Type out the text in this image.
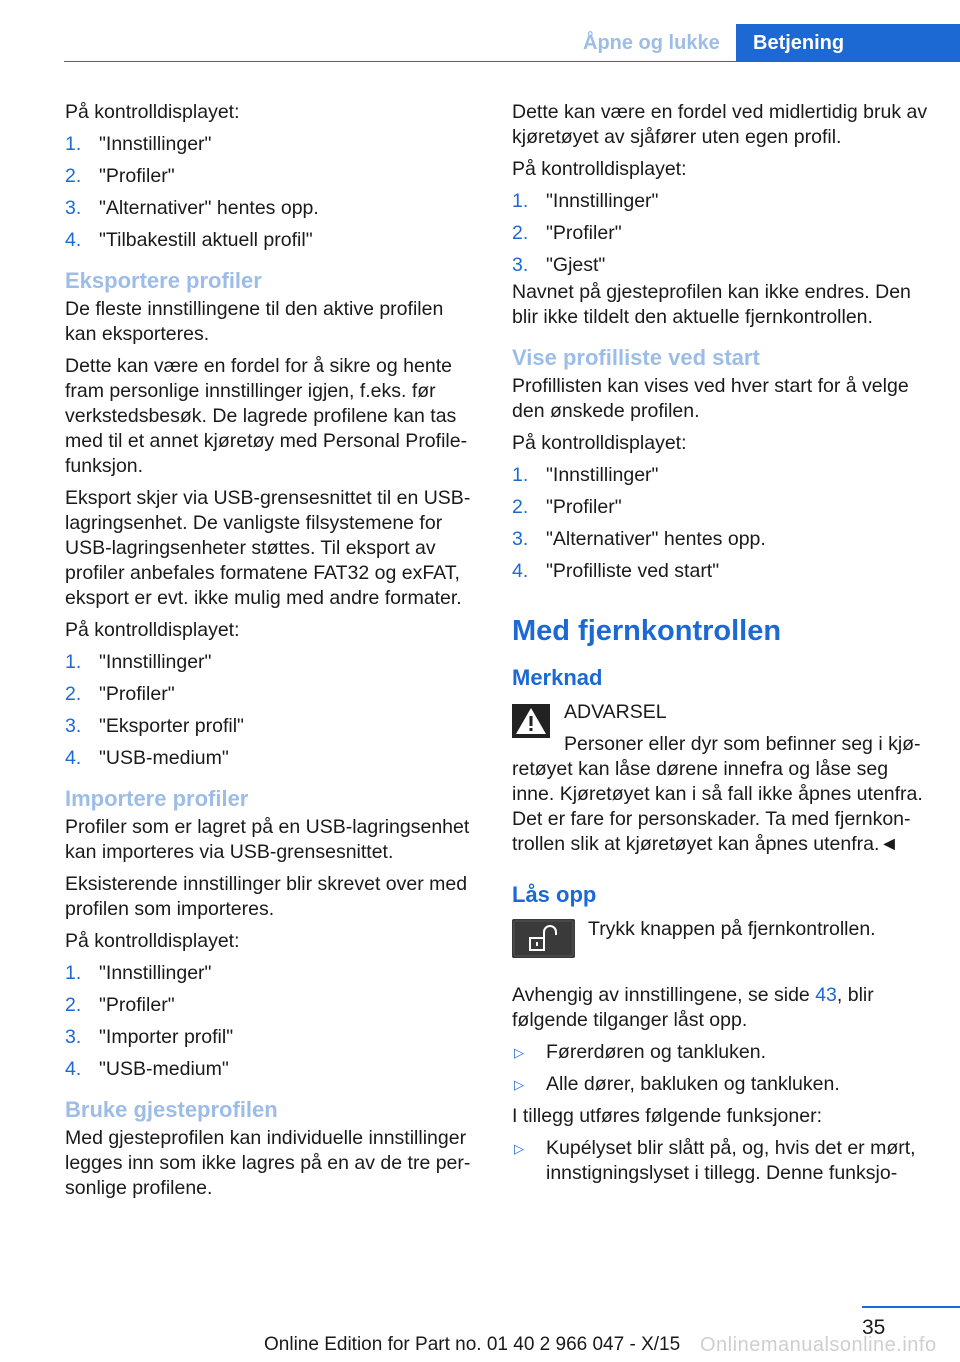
Åpne og lukke	Betjening

På kontrolldisplayet:

1. "Innstillinger"
2. "Profiler"
3. "Alternativer" hentes opp.
4. "Tilbakestill aktuell profil"
Eksportere profiler

De fleste innstillingene til den aktive profilen kan eksporteres.

Dette kan være en fordel for å sikre og hente fram personlige innstillinger igjen, f.eks. før verkstedsbesøk. De lagrede profilene kan tas med til et annet kjøretøy med Personal Profile-funksjon.

Eksport skjer via USB-grensesnittet til en USB-lagringsenhet. De vanligste filsystemene for USB-lagringsenheter støttes. Til eksport av profiler anbefales formatene FAT32 og exFAT, eksport er evt. ikke mulig med andre formater.

På kontrolldisplayet:

1. "Innstillinger"
2. "Profiler"
3. "Eksporter profil"
4. "USB-medium"
Importere profiler

Profiler som er lagret på en USB-lagringsenhet kan importeres via USB-grensesnittet.

Eksisterende innstillinger blir skrevet over med profilen som importeres.

På kontrolldisplayet:

1. "Innstillinger"
2. "Profiler"
3. "Importer profil"
4. "USB-medium"
Bruke gjesteprofilen

Med gjesteprofilen kan individuelle innstillinger legges inn som ikke lagres på en av de tre per-sonlige profilene.

Dette kan være en fordel ved midlertidig bruk av kjøretøyet av sjåfører uten egen profil.

På kontrolldisplayet:

1. "Innstillinger"
2. "Profiler"
3. "Gjest"

Navnet på gjesteprofilen kan ikke endres. Den blir ikke tildelt den aktuelle fjernkontrollen.

Vise profilliste ved start

Profillisten kan vises ved hver start for å velge den ønskede profilen.

På kontrolldisplayet:

1. "Innstillinger"
2. "Profiler"
3. "Alternativer" hentes opp.
4. "Profilliste ved start"
Med fjernkontrollen
Merknad
ADVARSEL

Personer eller dyr som befinner seg i kjø-retøyet kan låse dørene innefra og låse seg inne. Kjøretøyet kan i så fall ikke åpnes utenfra. Det er fare for personskader. Ta med fjernkon-trollen slik at kjøretøyet kan åpnes utenfra.◄

Lås opp
Trykk knappen på fjernkontrollen.

Avhengig av innstillingene, se side 43, blir følgende tilganger låst opp.

▷ Førerdøren og tankluken.
▷ Alle dører, bakluken og tankluken.

I tillegg utføres følgende funksjoner:

▷ Kupélyset blir slått på, og, hvis det er mørt, innstigningslyset i tillegg. Denne funksjo-
35
Online Edition for Part no. 01 40 2 966 047 - X/15 Onlinemanualsonline.info
